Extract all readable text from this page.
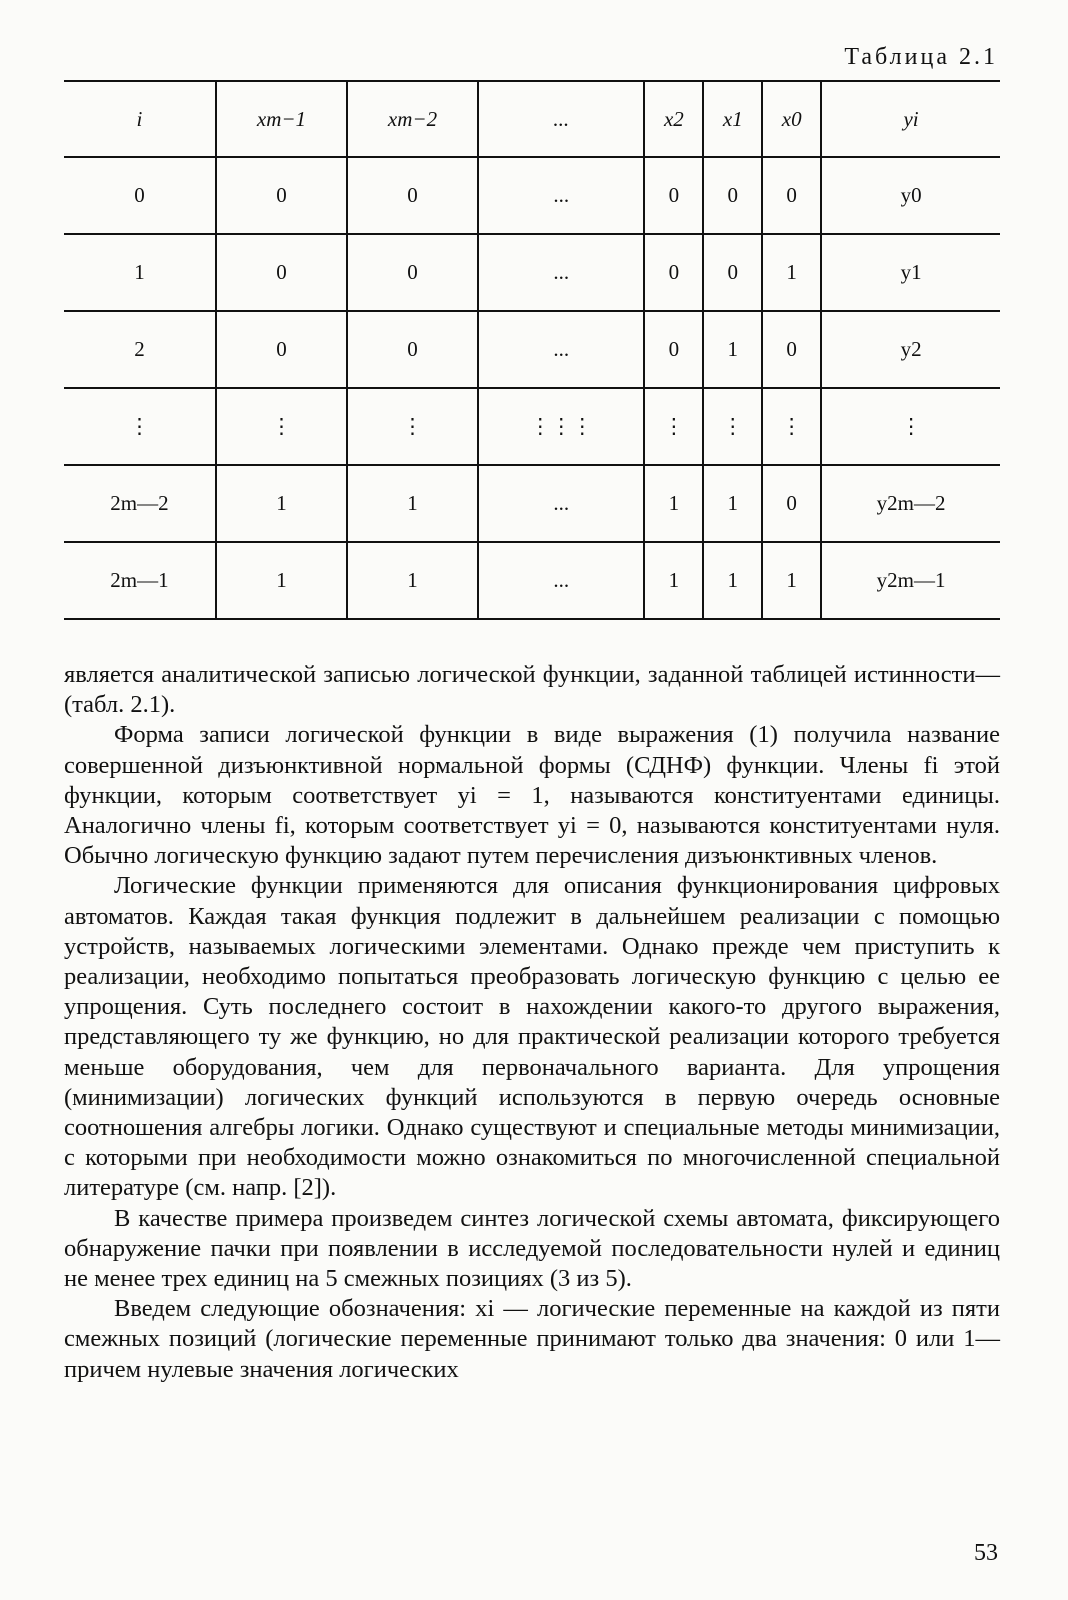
Таблица 2.1
i	xm−1	xm−2	...	x2	x1	x0	yi
0	0	0	...	0	0	0	y0
1	0	0	...	0	0	1	y1
2	0	0	...	0	1	0	y2
⋮	⋮	⋮	⋮⋮⋮	⋮	⋮	⋮	⋮
2m—2	1	1	...	1	1	0	y2m—2
2m—1	1	1	...	1	1	1	y2m—1

является аналитической записью логической функции, заданной таблицей истинности—(табл. 2.1).

Форма записи логической функции в виде выражения (1) получила название совершенной дизъюнктивной нормальной формы (СДНФ) функции. Члены fi этой функции, которым соответствует yi = 1, называются конституентами единицы. Аналогично члены fi, которым соответствует yi = 0, называются конституентами нуля. Обычно логическую функцию задают путем перечисления дизъюнктивных членов.

Логические функции применяются для описания функционирования цифровых автоматов. Каждая такая функция подлежит в дальнейшем реализации с помощью устройств, называемых логическими элементами. Однако прежде чем приступить к реализации, необходимо попытаться преобразовать логическую функцию с целью ее упрощения. Суть последнего состоит в нахождении какого-то другого выражения, представляющего ту же функцию, но для практической реализации которого требуется меньше оборудования, чем для первоначального варианта. Для упрощения (минимизации) логических функций используются в первую очередь основные соотношения алгебры логики. Однако существуют и специальные методы минимизации, с которыми при необходимости можно ознакомиться по многочисленной специальной литературе (см. напр. [2]).

В качестве примера произведем синтез логической схемы автомата, фиксирующего обнаружение пачки при появлении в исследуемой последовательности нулей и единиц не менее трех единиц на 5 смежных позициях (3 из 5).

Введем следующие обозначения: xi — логические переменные на каждой из пяти смежных позиций (логические переменные принимают только два значения: 0 или 1—причем нулевые значения логических

53
